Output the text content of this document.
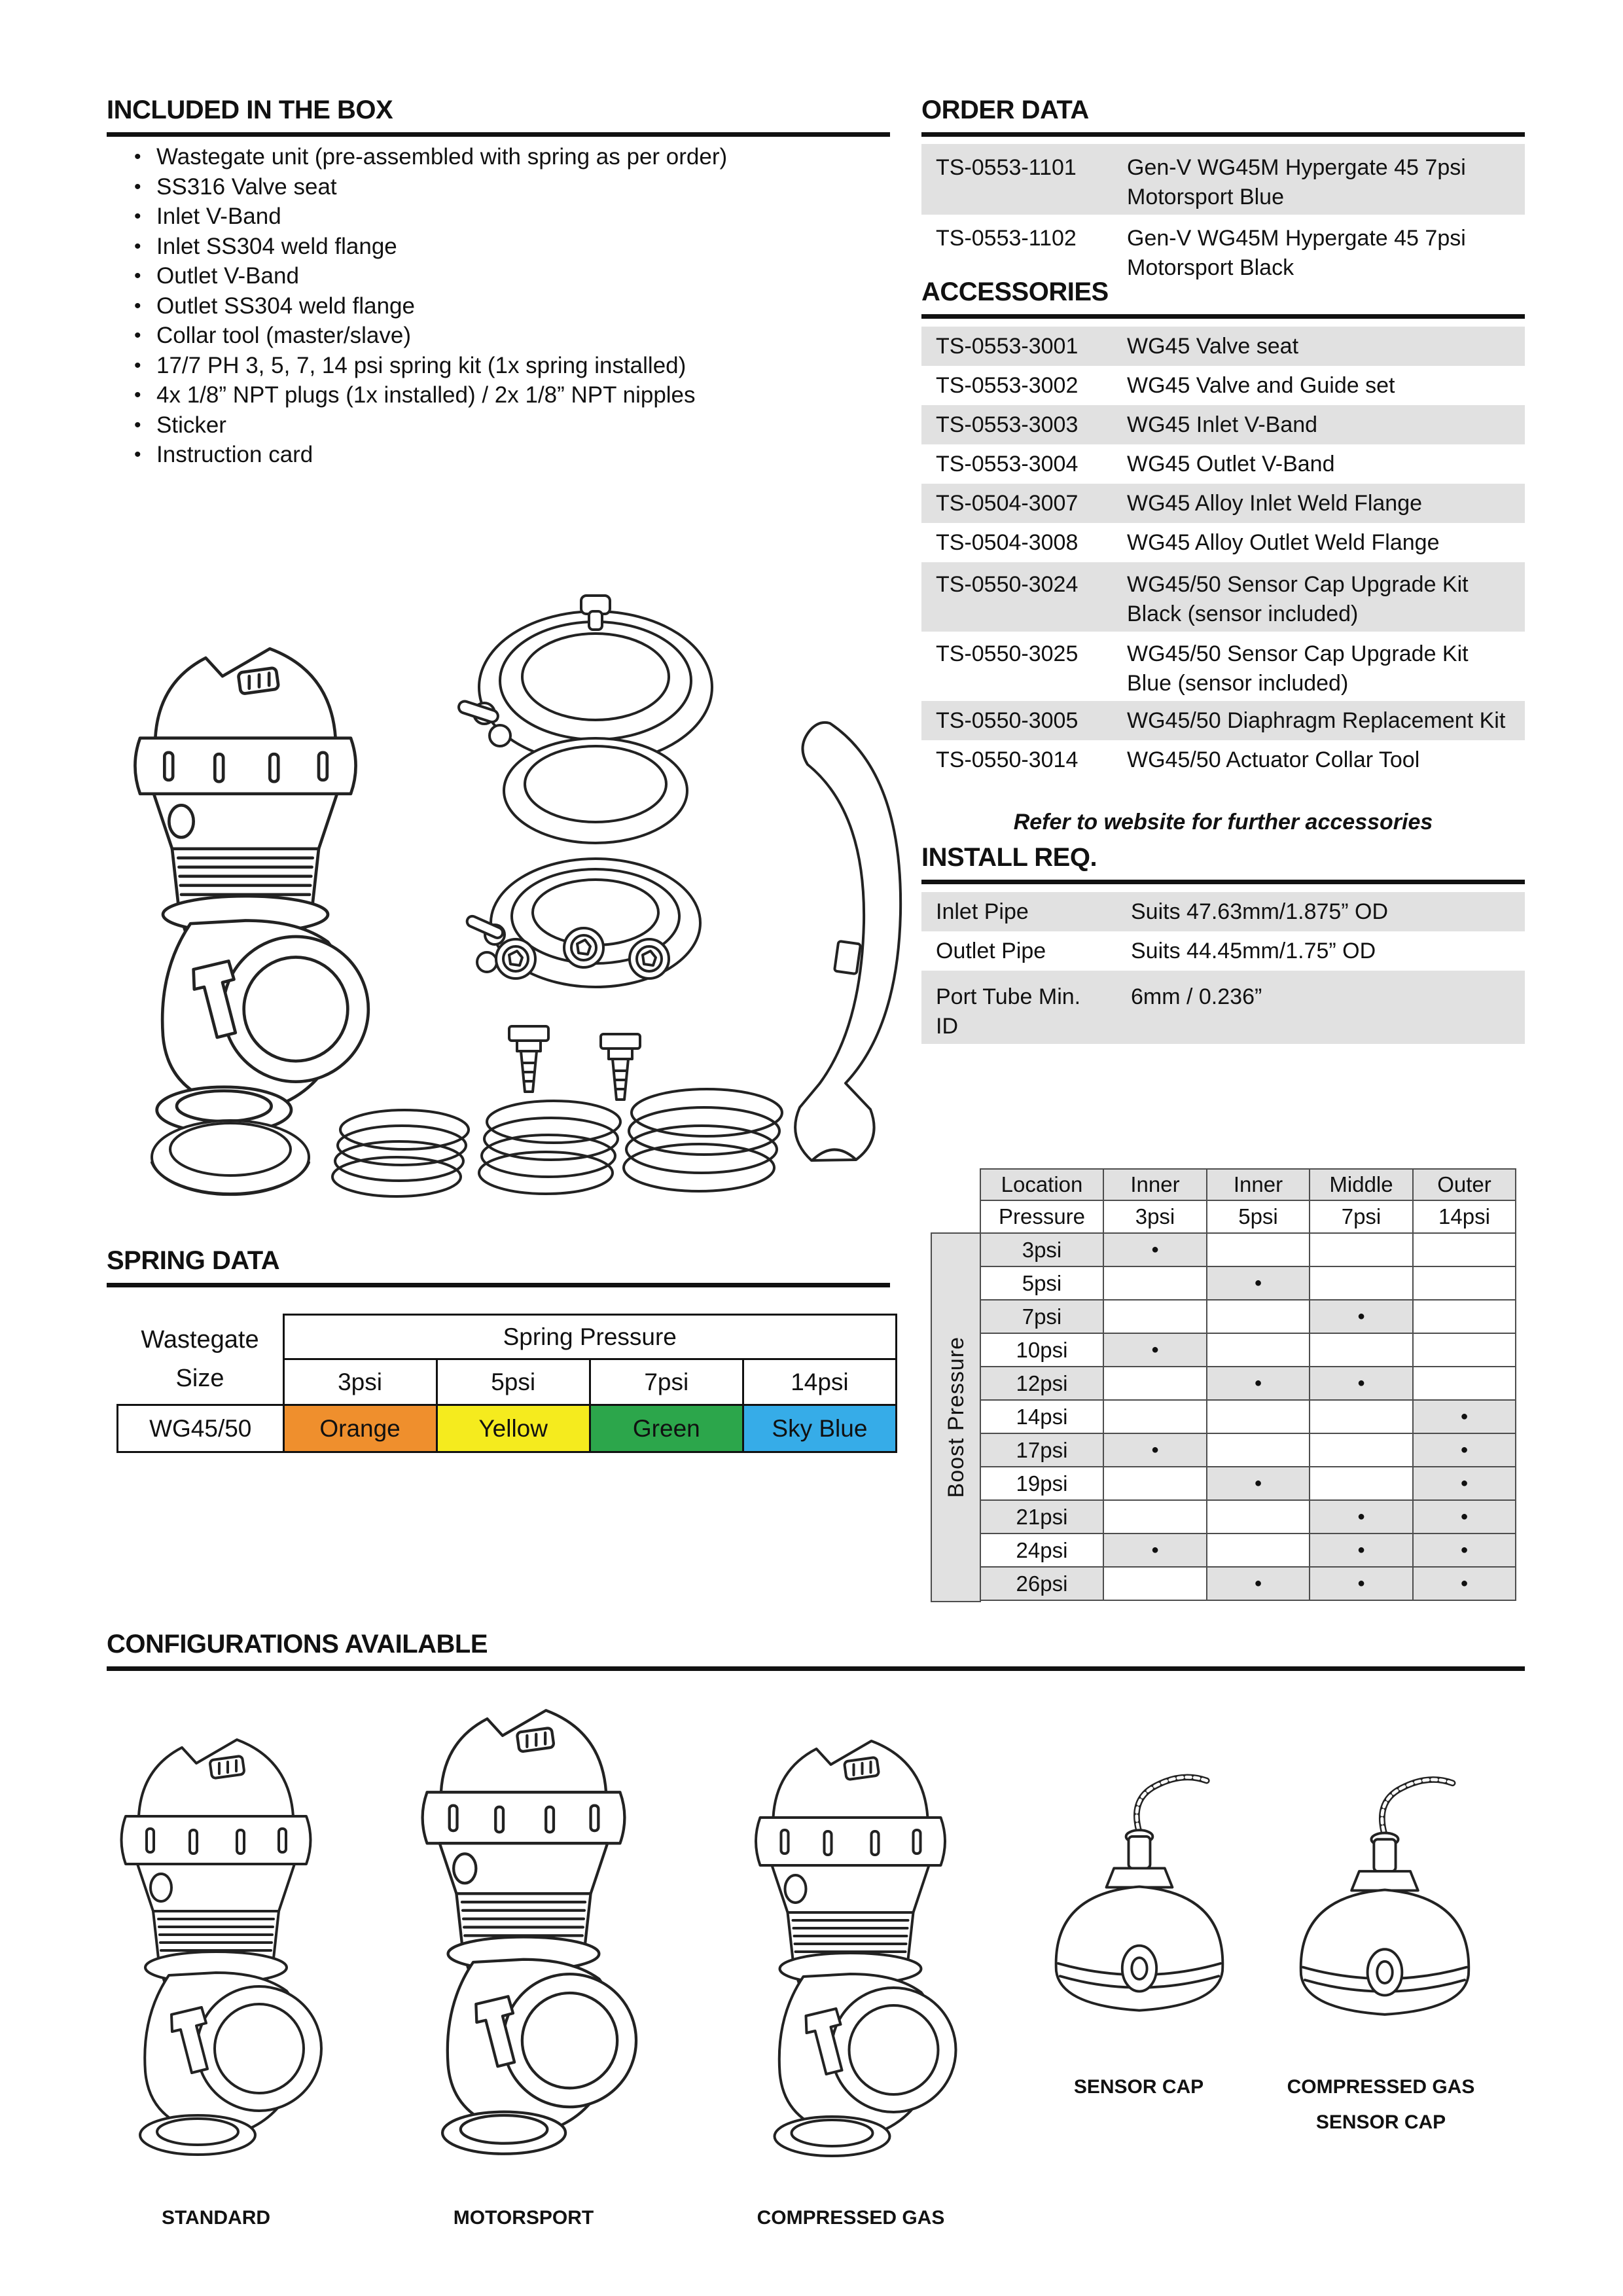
INCLUDED IN THE BOX
• Wastegate unit (pre-assembled with spring as per order)
• SS316 Valve seat
• Inlet V-Band
• Inlet SS304 weld flange
• Outlet V-Band
• Outlet SS304 weld flange
• Collar tool (master/slave)
• 17/7 PH 3, 5, 7, 14 psi spring kit (1x spring installed)
• 4x 1/8” NPT plugs (1x installed) / 2x 1/8” NPT nipples
• Sticker
• Instruction card
ORDER DATA
TS-0553-1101	Gen-V WG45M Hypergate 45 7psi Motorsport Blue
TS-0553-1102	Gen-V WG45M Hypergate 45 7psi Motorsport Black
ACCESSORIES
TS-0553-3001	WG45 Valve seat
TS-0553-3002	WG45 Valve and Guide set
TS-0553-3003	WG45 Inlet V-Band
TS-0553-3004	WG45 Outlet V-Band
TS-0504-3007	WG45 Alloy Inlet Weld Flange
TS-0504-3008	WG45 Alloy Outlet Weld Flange
TS-0550-3024	WG45/50 Sensor Cap Upgrade Kit Black (sensor included)
TS-0550-3025	WG45/50 Sensor Cap Upgrade Kit Blue (sensor included)
TS-0550-3005	WG45/50 Diaphragm Replacement Kit
TS-0550-3014	WG45/50 Actuator Collar Tool
Refer to website for further accessories
INSTALL REQ.
Inlet Pipe	Suits 47.63mm/1.875” OD
Outlet Pipe	Suits 44.45mm/1.75” OD
Port Tube Min. ID	6mm / 0.236”
SPRING DATA
Wastegate
Size	Spring Pressure			
	3psi	5psi	7psi	14psi
WG45/50	Orange	Yellow	Green	Sky Blue	Boost Pressure
Location	Inner	Inner	Middle	Outer
Pressure	3psi	5psi	7psi	14psi
3psi	●			
5psi		●		
7psi			●	
10psi	●			
12psi		●	●	
14psi				●
17psi	●			●
19psi		●		●
21psi			●	●
24psi	●		●	●
26psi		●	●	●
CONFIGURATIONS AVAILABLE
STANDARD	MOTORSPORT	COMPRESSED GAS
SENSOR CAP	COMPRESSED GAS
SENSOR CAP
